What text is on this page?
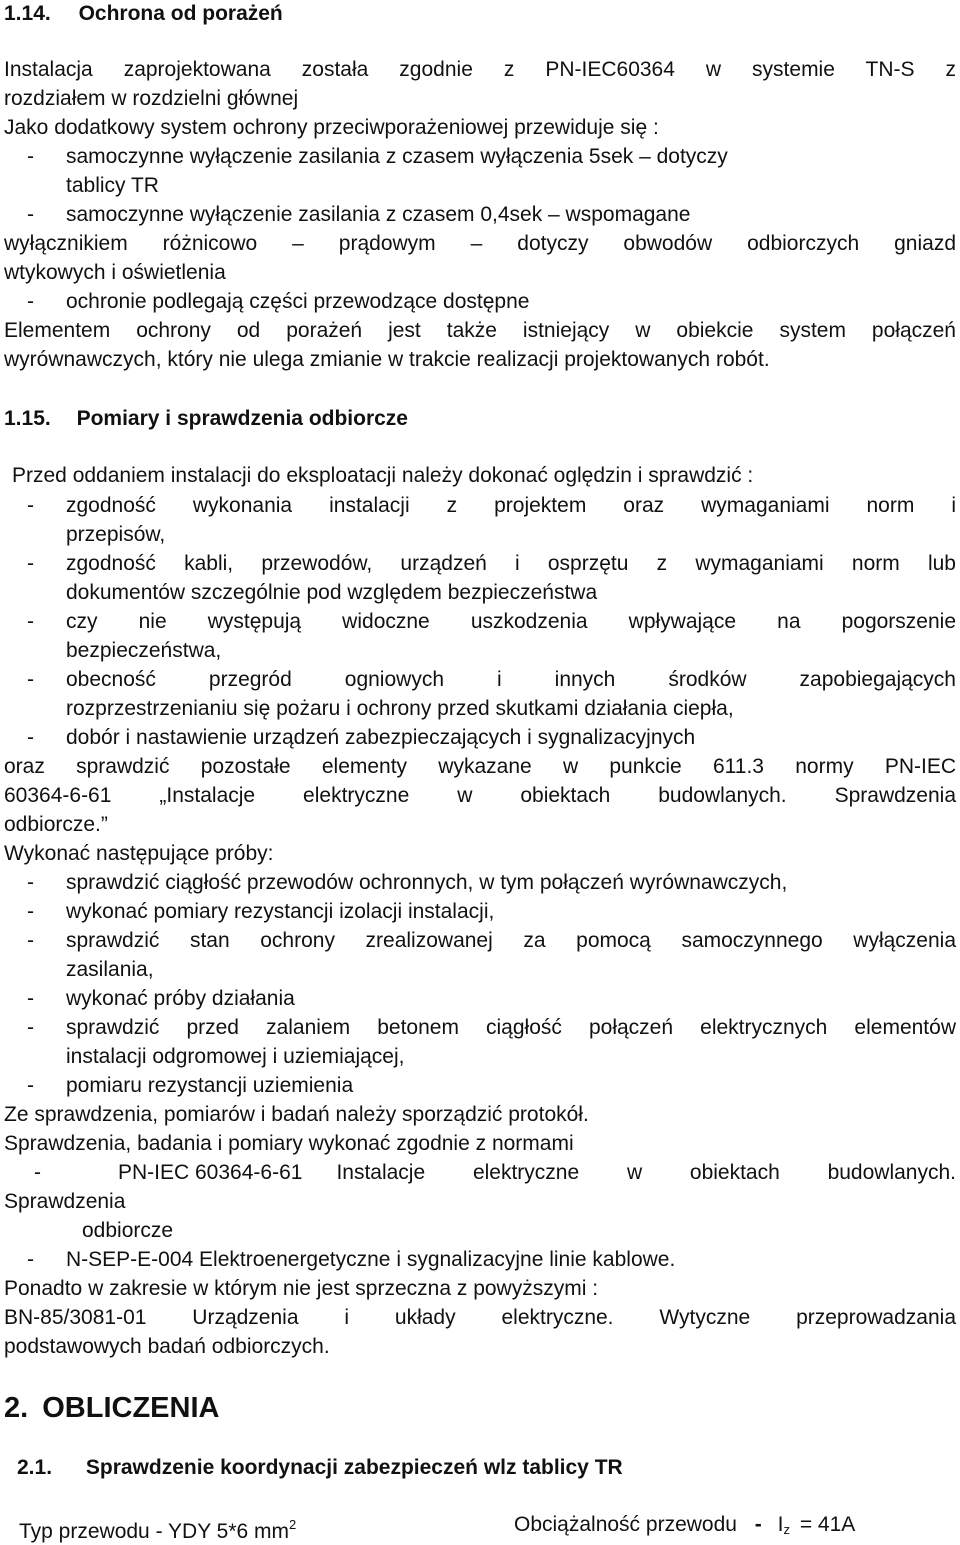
1.14. Ochrona od porażeń
Instalacja zaprojektowana została zgodnie z PN-IEC60364 w systemie TN-S z
rozdziałem w rozdzielni głównej
Jako dodatkowy system ochrony przeciwporażeniowej przewiduje się :
- samoczynne wyłączenie zasilania z czasem wyłączenia 5sek – dotyczy
tablicy TR
- samoczynne wyłączenie zasilania z czasem 0,4sek – wspomagane
wyłącznikiem różnicowo – prądowym – dotyczy obwodów odbiorczych gniazd
wtykowych i oświetlenia
- ochronie podlegają części przewodzące dostępne
Elementem ochrony od porażeń jest także istniejący w obiekcie system połączeń
wyrównawczych, który nie ulega zmianie w trakcie realizacji projektowanych robót.
1.15. Pomiary i sprawdzenia odbiorcze
Przed oddaniem instalacji do eksploatacji należy dokonać oględzin i sprawdzić :
- zgodność wykonania instalacji z projektem oraz wymaganiami norm i
przepisów,
- zgodność kabli, przewodów, urządzeń i osprzętu z wymaganiami norm lub
dokumentów szczególnie pod względem bezpieczeństwa
- czy nie występują widoczne uszkodzenia wpływające na pogorszenie
bezpieczeństwa,
- obecność przegród ogniowych i innych środków zapobiegających
rozprzestrzenianiu się pożaru i ochrony przed skutkami działania ciepła,
- dobór i nastawienie urządzeń zabezpieczających i sygnalizacyjnych
oraz sprawdzić pozostałe elementy wykazane w punkcie 611.3 normy PN-IEC
60364-6-61 „Instalacje elektryczne w obiektach budowlanych. Sprawdzenia
odbiorcze.”
Wykonać następujące próby:
- sprawdzić ciągłość przewodów ochronnych, w tym połączeń wyrównawczych,
- wykonać pomiary rezystancji izolacji instalacji,
- sprawdzić stan ochrony zrealizowanej za pomocą samoczynnego wyłączenia
zasilania,
- wykonać próby działania
- sprawdzić przed zalaniem betonem ciągłość połączeń elektrycznych elementów
instalacji odgromowej i uziemiającej,
- pomiaru rezystancji uziemienia
Ze sprawdzenia, pomiarów i badań należy sporządzić protokół.
Sprawdzenia, badania i pomiary wykonać zgodnie z normami
-	PN-IEC 60364-6-61 Instalacje elektryczne w obiektach budowlanych.
Sprawdzenia
odbiorcze
- N-SEP-E-004 Elektroenergetyczne i sygnalizacyjne linie kablowe.
Ponadto w zakresie w którym nie jest sprzeczna z powyższymi :
BN-85/3081-01 Urządzenia i układy elektryczne. Wytyczne przeprowadzania
podstawowych badań odbiorczych.
2. OBLICZENIA
2.1. Sprawdzenie koordynacji zabezpieczeń wlz tablicy TR
Typ przewodu - YDY 5*6 $mm^2$	Obciążalność przewodu - $I_z = 41A$
